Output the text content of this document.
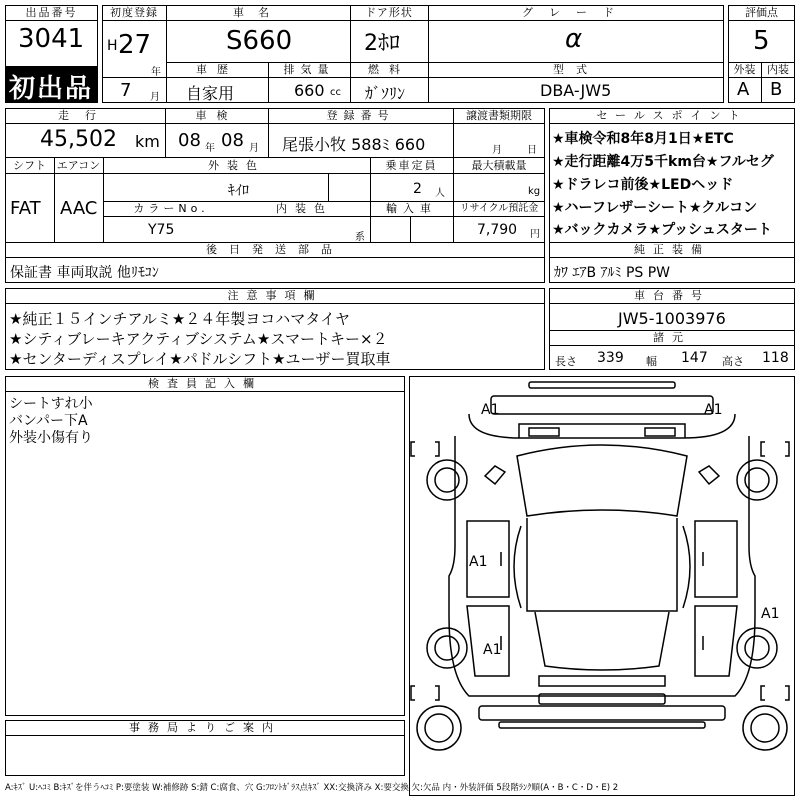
出品番号
3041
初出品
初度登録
H 27
年
7 月
車名
S660
ドア形状
2ﾎﾛ
グレード
α
車歴
自家用
排気量
660 cc
燃料
ｶﾞｿﾘﾝ
型式
DBA-JW5
評価点
5
外装	内装
A B
走行
45,502 km
車検
08 年 08 月
登録番号
尾張小牧 588ﾐ 660
譲渡書類期限
月	日
シフト エアコン
FAT AAC
外装色
ｷｲﾛ
乗車定員
2 人
最大積載量
kg
カラーNo.
Y75
内装色
系
輸入車	リサイクル預託金
7,790 円
後日発送部品
保証書 車両取説 他ﾘﾓｺﾝ
セールスポイント
★車検令和8年8月1日★ETC
★走行距離4万5千km台★フルセグ
★ドラレコ前後★LEDヘッド
★ハーフレザーシート★クルコン
★バックカメラ★プッシュスタート
純正装備
ｶﾜ ｴｱB ｱﾙﾐ PS PW
注意事項欄
★純正１５インチアルミ★２４年製ヨコハマタイヤ
★シティブレーキアクティブシステム★スマートキー×２
★センターディスプレイ★パドルシフト★ユーザー買取車
車台番号
JW5-1003976
諸元
長さ 339 幅 147 高さ 118
検査員記入欄
シートすれ小
バンパー下A
外装小傷有り
A1	A1
A1
A1
A1
事務局よりご案内
A:ｷｽﾞ U:ﾍｺﾐ B:ｷｽﾞを伴うﾍｺﾐ P:要塗装 W:補修跡 S:錆 C:腐食、穴 G:ﾌﾛﾝﾄｶﾞﾗｽ点ｷｽﾞ XX:交換済み X:要交換 欠:欠品 内・外装評価 5段階ﾗﾝｸ順(A・B・C・D・E) 2
